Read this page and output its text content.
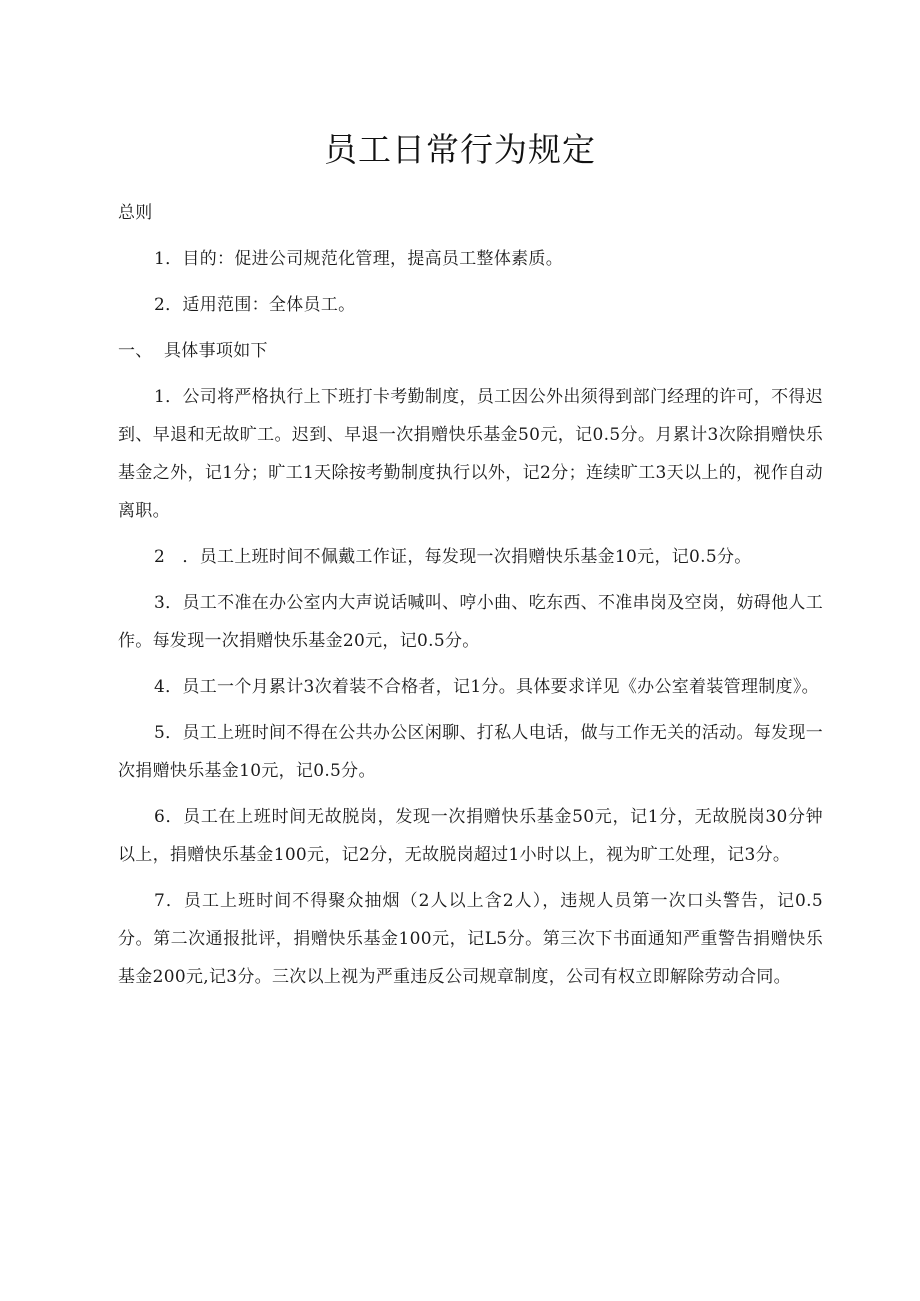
员工日常行为规定
总则

1．目的：促进公司规范化管理，提高员工整体素质。

2．适用范围：全体员工。

一、 具体事项如下

1．公司将严格执行上下班打卡考勤制度，员工因公外出须得到部门经理的许可，不得迟到、早退和无故旷工。迟到、早退一次捐赠快乐基金50元，记0.5分。月累计3次除捐赠快乐基金之外，记1分；旷工1天除按考勤制度执行以外，记2分；连续旷工3天以上的，视作自动离职。

2　．员工上班时间不佩戴工作证，每发现一次捐赠快乐基金10元，记0.5分。

3．员工不准在办公室内大声说话喊叫、哼小曲、吃东西、不准串岗及空岗，妨碍他人工作。每发现一次捐赠快乐基金20元，记0.5分。

4．员工一个月累计3次着装不合格者，记1分。具体要求详见《办公室着装管理制度》。

5．员工上班时间不得在公共办公区闲聊、打私人电话，做与工作无关的活动。每发现一次捐赠快乐基金10元，记0.5分。

6．员工在上班时间无故脱岗，发现一次捐赠快乐基金50元，记1分，无故脱岗30分钟以上，捐赠快乐基金100元，记2分，无故脱岗超过1小时以上，视为旷工处理，记3分。

7．员工上班时间不得聚众抽烟（2人以上含2人），违规人员第一次口头警告，记0.5分。第二次通报批评，捐赠快乐基金100元，记L5分。第三次下书面通知严重警告捐赠快乐基金200元,记3分。三次以上视为严重违反公司规章制度，公司有权立即解除劳动合同。
